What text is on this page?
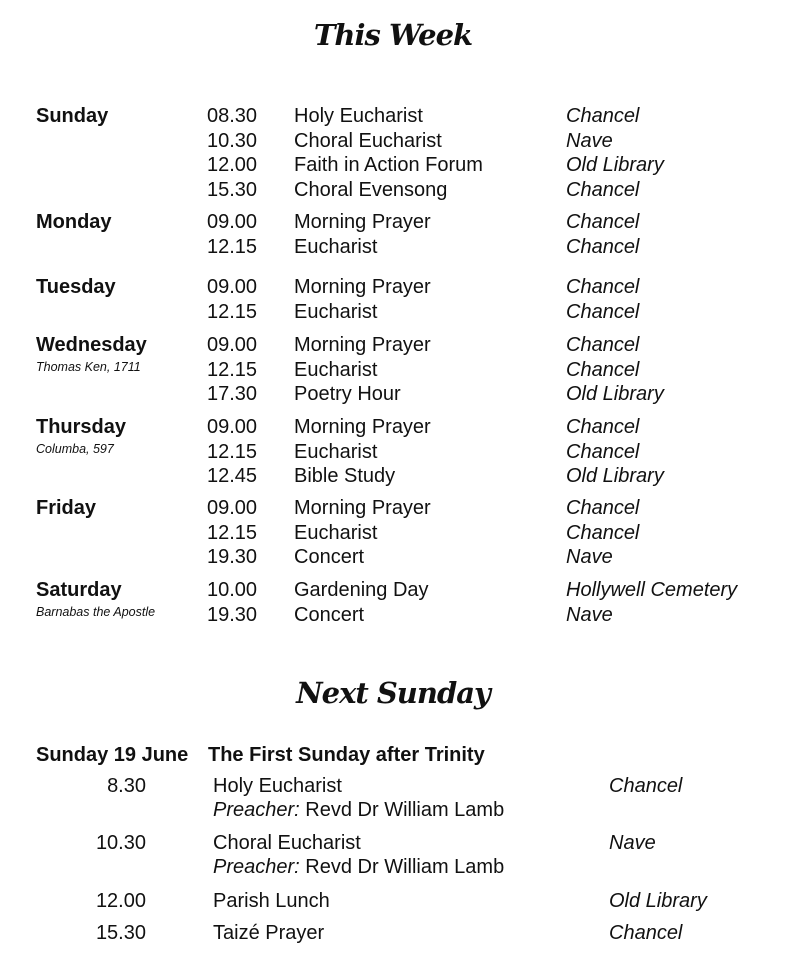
This Week
Sunday	08.30 Holy Eucharist	Chancel
10.30 Choral Eucharist	Nave
12.00 Faith in Action Forum	Old Library
15.30 Choral Evensong	Chancel
Monday	09.00 Morning Prayer	Chancel
12.15 Eucharist	Chancel
Tuesday	09.00 Morning Prayer	Chancel
12.15 Eucharist	Chancel
Wednesday
Thomas Ken, 1711
09.00 Morning Prayer	Chancel
12.15 Eucharist	Chancel
17.30 Poetry Hour	Old Library
Thursday
Columba, 597
09.00 Morning Prayer	Chancel
12.15 Eucharist	Chancel
12.45 Bible Study	Old Library
Friday	09.00 Morning Prayer	Chancel
12.15 Eucharist	Chancel
19.30 Concert	Nave
Saturday
Barnabas the Apostle
10.00 Gardening Day	Hollywell Cemetery
19.30 Concert	Nave
Next Sunday
Sunday 19 June The First Sunday after Trinity
8.30	Holy Eucharist	Chancel
Preacher: Revd Dr William Lamb
10.30	Choral Eucharist	Nave
Preacher: Revd Dr William Lamb
12.00	Parish Lunch	Old Library
15.30	Taizé Prayer	Chancel
